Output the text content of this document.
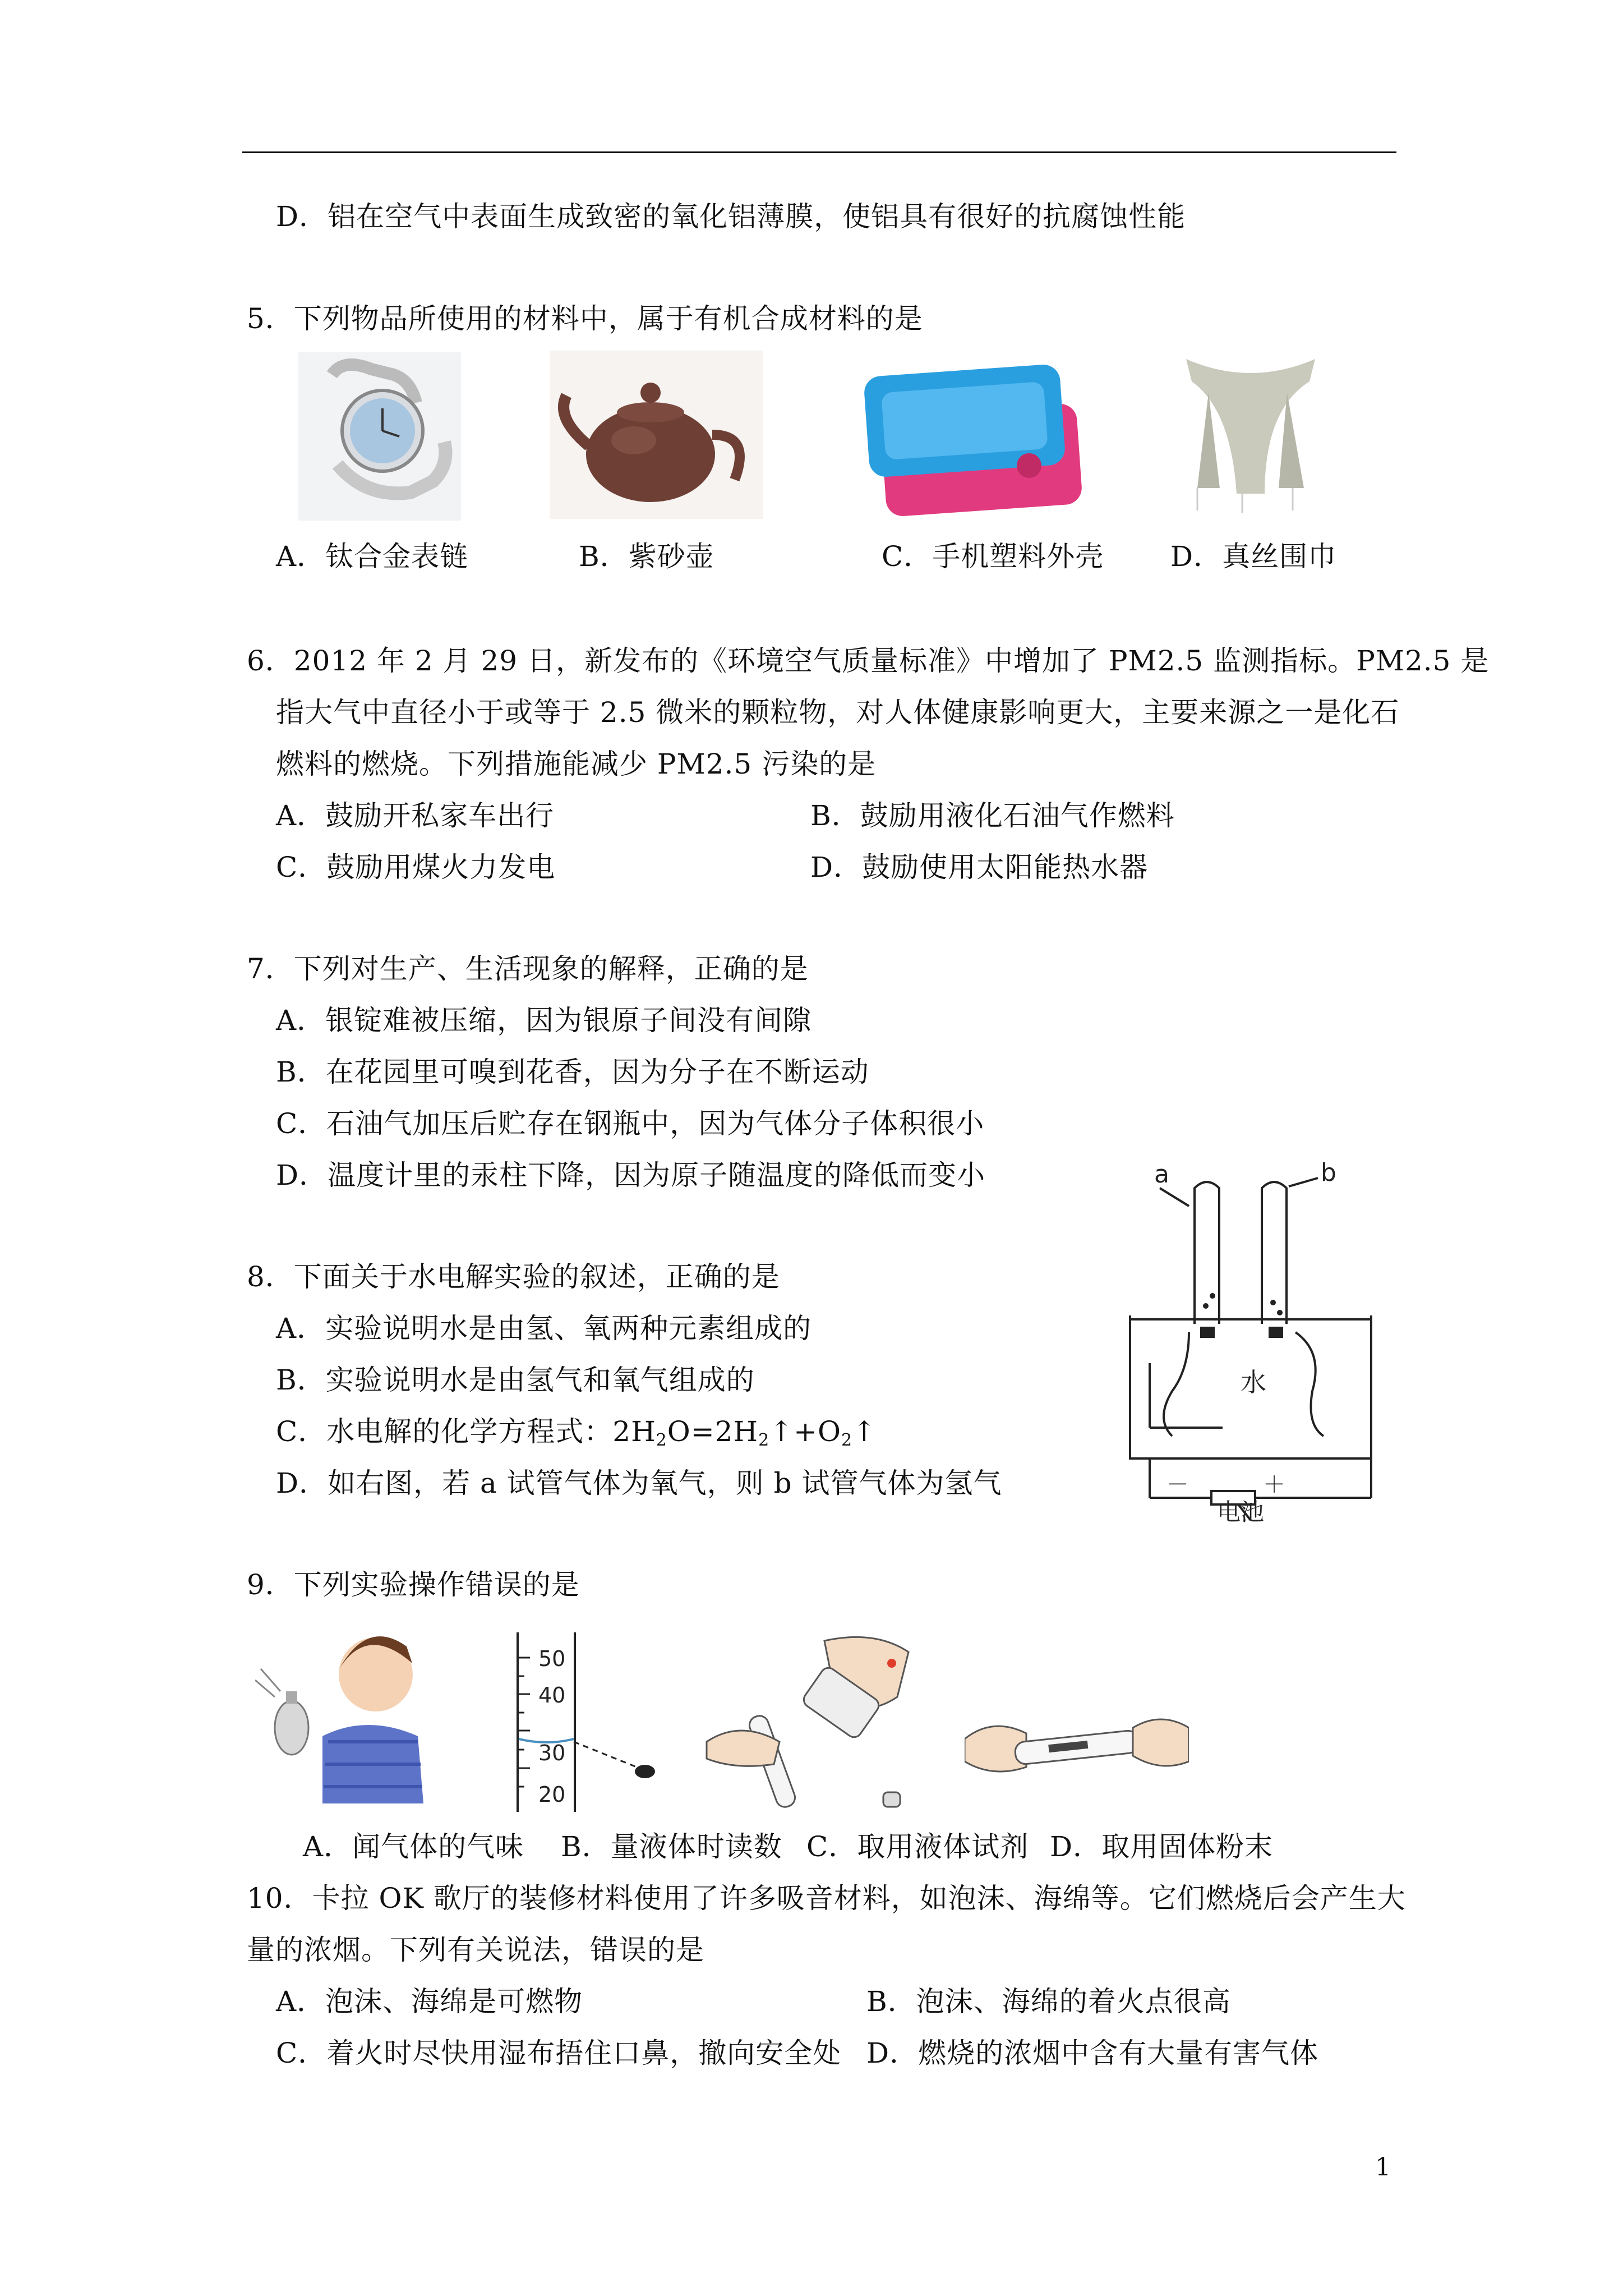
D．铝在空气中表面生成致密的氧化铝薄膜，使铝具有很好的抗腐蚀性能
5．下列物品所使用的材料中，属于有机合成材料的是
A．钛合金表链	B．紫砂壶	C．手机塑料外壳 D．真丝围巾
6．2012 年 2 月 29 日，新发布的《环境空气质量标准》中增加了 PM2.5 监测指标。PM2.5 是
指大气中直径小于或等于 2.5 微米的颗粒物，对人体健康影响更大，主要来源之一是化石
燃料的燃烧。下列措施能减少 PM2.5 污染的是
A．鼓励开私家车出行	B．鼓励用液化石油气作燃料
C．鼓励用煤火力发电	D．鼓励使用太阳能热水器
7．下列对生产、生活现象的解释，正确的是
A．银锭难被压缩，因为银原子间没有间隙
B．在花园里可嗅到花香，因为分子在不断运动
C．石油气加压后贮存在钢瓶中，因为气体分子体积很小
D．温度计里的汞柱下降，因为原子随温度的降低而变小
8．下面关于水电解实验的叙述，正确的是
A．实验说明水是由氢、氧两种元素组成的
B．实验说明水是由氢气和氧气组成的
C．水电解的化学方程式：$2H_2O=2H_2↑+O_2↑$
D．如右图，若 a 试管气体为氧气，则 b 试管气体为氢气
a	b
水
－	＋
电池
9．下列实验操作错误的是
50
40
30
20
A．闻气体的气味 B．量液体时读数 C．取用液体试剂 D．取用固体粉末
10．卡拉 OK 歌厅的装修材料使用了许多吸音材料，如泡沫、海绵等。它们燃烧后会产生大
量的浓烟。下列有关说法，错误的是
A．泡沫、海绵是可燃物	B．泡沫、海绵的着火点很高
C．着火时尽快用湿布捂住口鼻，撤向安全处 D．燃烧的浓烟中含有大量有害气体
1
